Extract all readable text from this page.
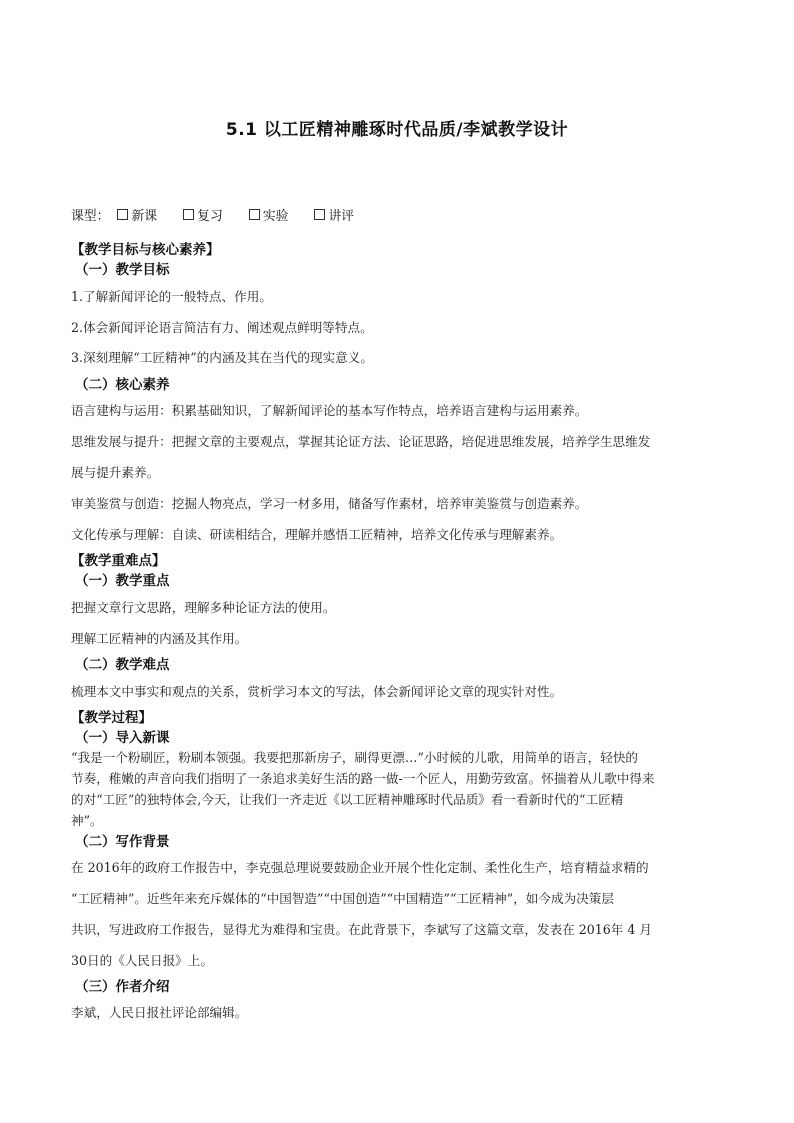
5.1 以工匠精神雕琢时代品质/李斌教学设计
课型： 新课	复习	实验	讲评
【教学目标与核心素养】
（一）教学目标
1.了解新闻评论的一般特点、作用。
2.体会新闻评论语言简洁有力、阐述观点鲜明等特点。
3.深刻理解“工匠精神”的内涵及其在当代的现实意义。
（二）核心素养
语言建构与运用：积累基础知识，了解新闻评论的基本写作特点，培养语言建构与运用素养。
思维发展与提升：把握文章的主要观点，掌握其论证方法、论证思路，培促进思维发展，培养学生思维发
展与提升素养。
审美鉴赏与创造：挖掘人物亮点，学习一材多用，储备写作素材，培养审美鉴赏与创造素养。
文化传承与理解：自读、研读相结合，理解并感悟工匠精神，培养文化传承与理解素养。
【教学重难点】
（一）教学重点
把握文章行文思路，理解多种论证方法的使用。
理解工匠精神的内涵及其作用。
（二）教学难点
梳理本文中事实和观点的关系，赏析学习本文的写法，体会新闻评论文章的现实针对性。
【教学过程】
（一）导入新课
“我是一个粉刷匠，粉刷本领强。我要把那新房子，刷得更漂…”小时候的儿歌，用简单的语言，轻快的
节奏，稚嫩的声音向我们指明了一条追求美好生活的路一做-一个匠人，用勤劳致富。怀揣着从儿歌中得来
的对“工匠”的独特体会,今天，让我们一齐走近《以工匠精神雕琢时代品质》看一看新时代的“工匠精
神”。
（二）写作背景
在 2016年的政府工作报告中，李克强总理说要鼓励企业开展个性化定制、柔性化生产，培育精益求精的
“工匠精神”。近些年来充斥媒体的“中国智造”“中国创造”“中国精造”“工匠精神”，如今成为决策层
共识，写进政府工作报告，显得尤为难得和宝贵。在此背景下，李斌写了这篇文章，发表在 2016年 4 月
30日的《人民日报》上。
（三）作者介绍
李斌，人民日报社评论部编辑。
